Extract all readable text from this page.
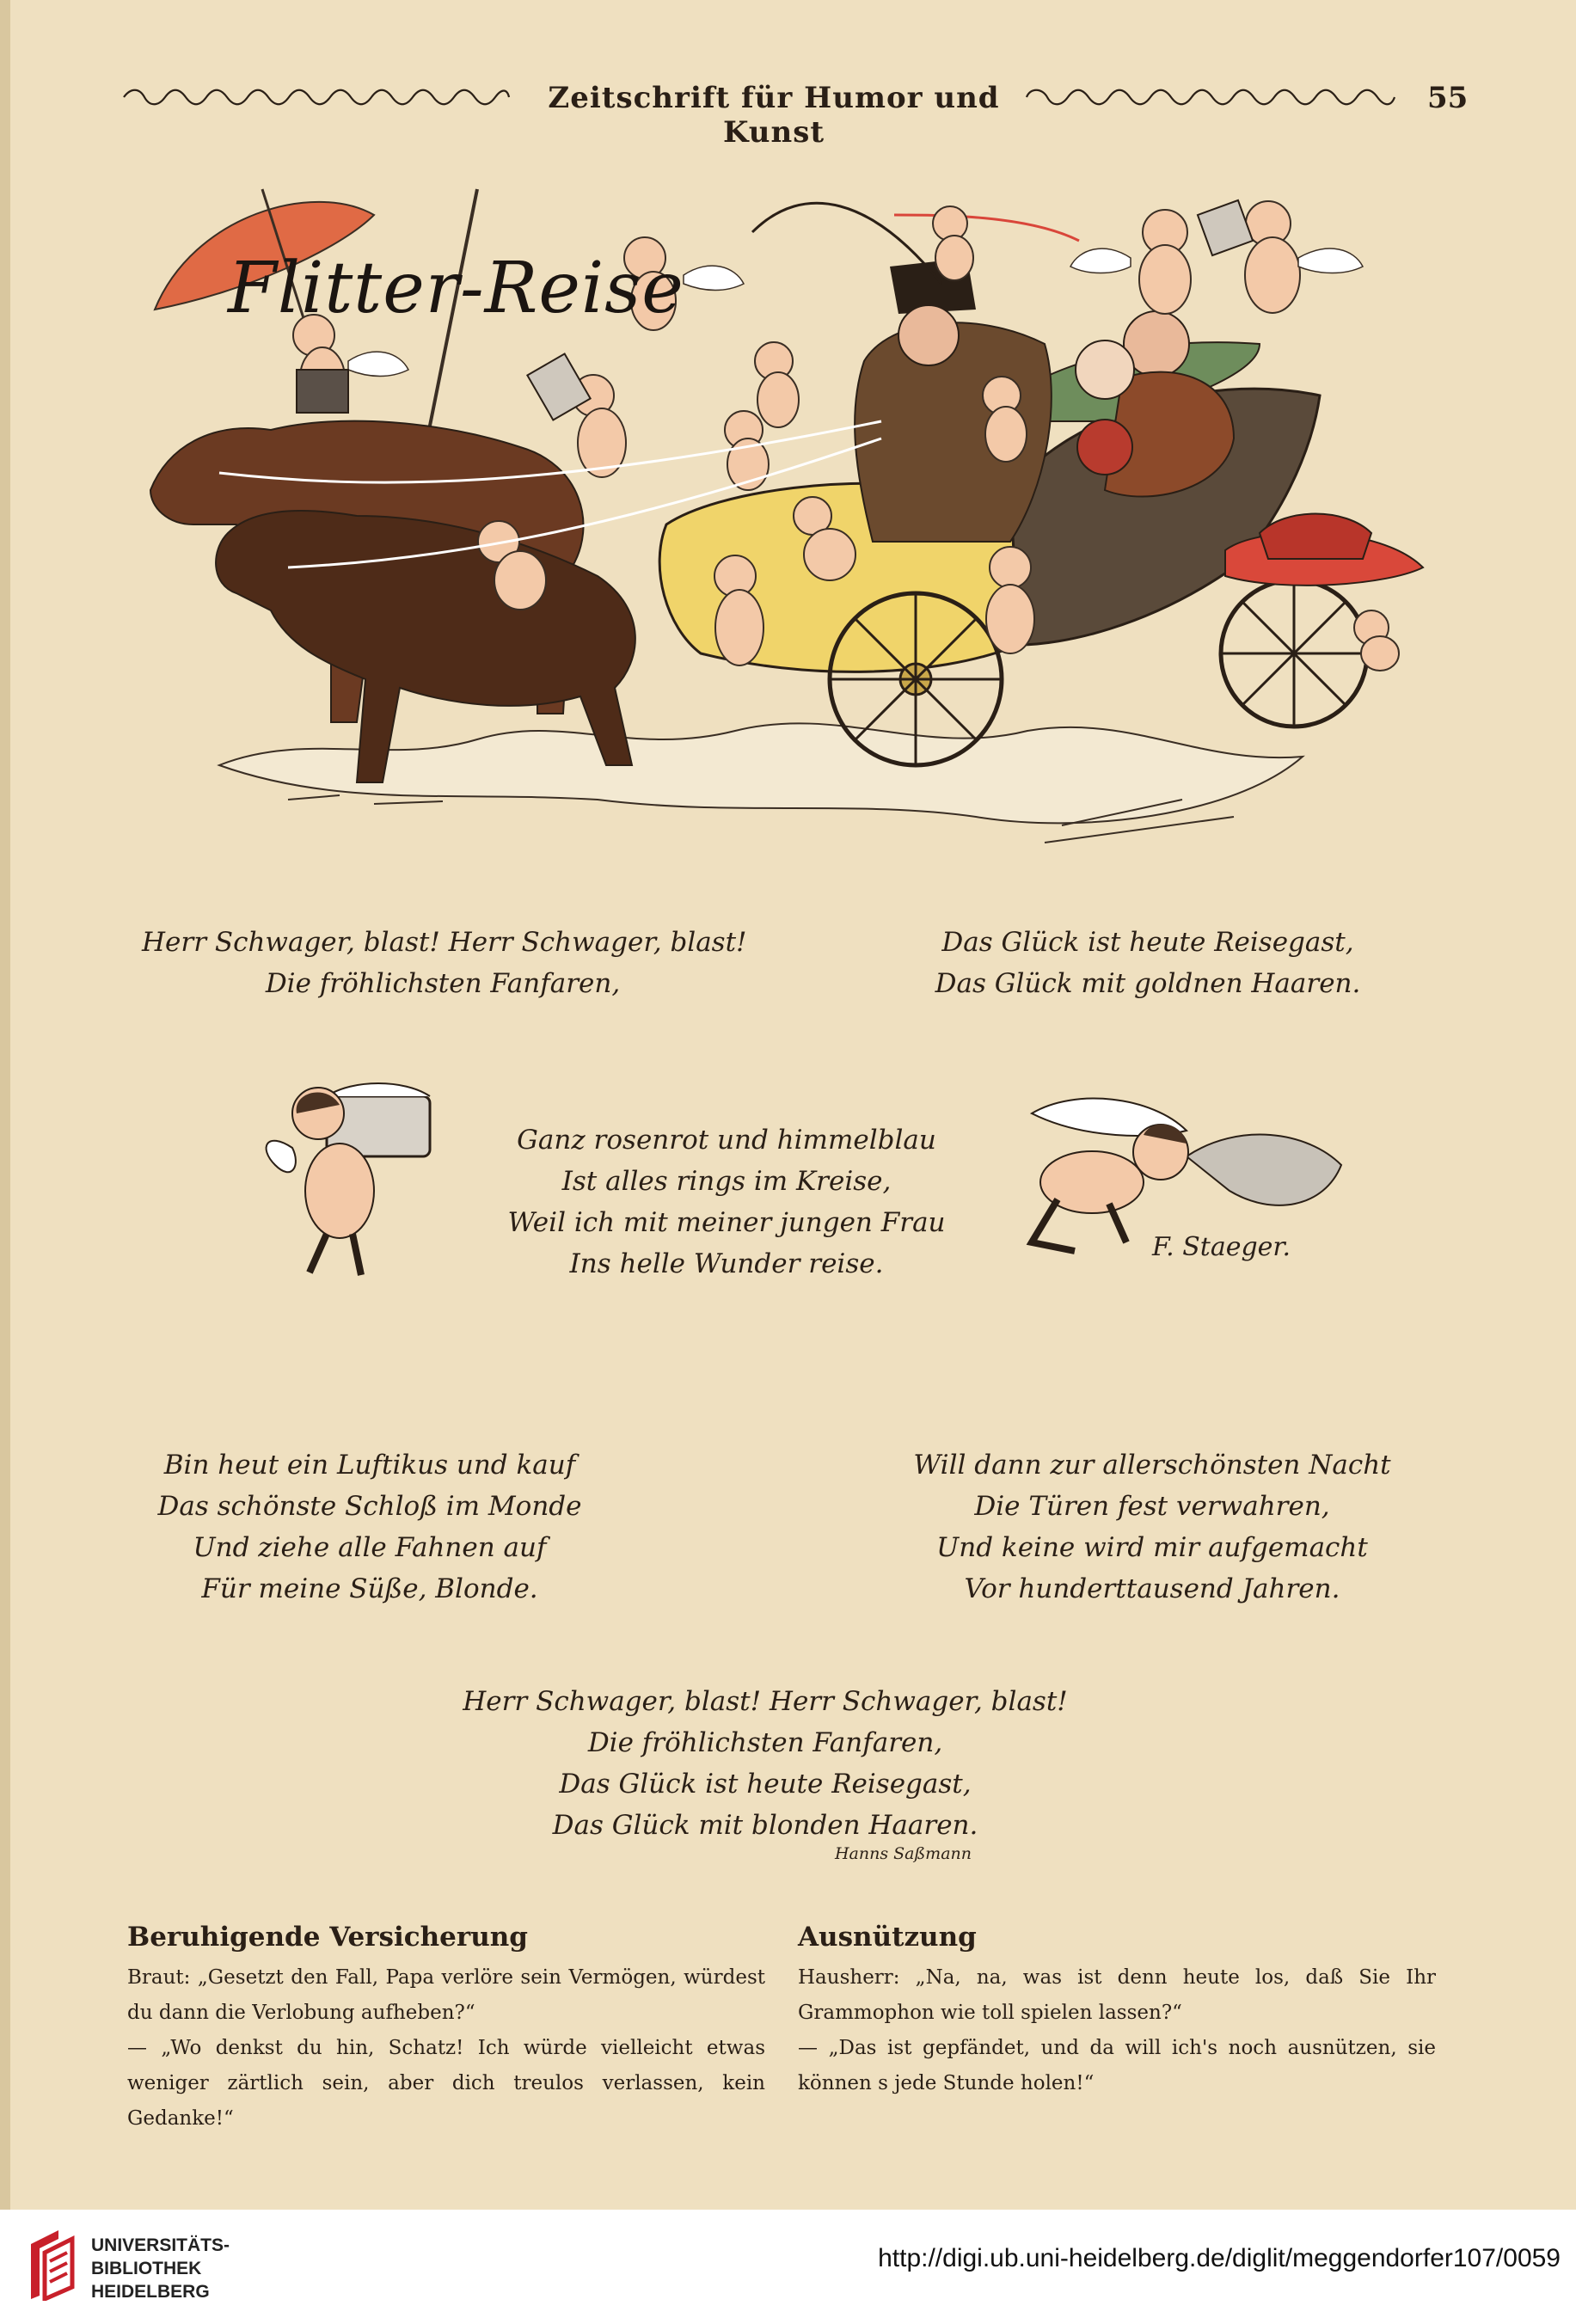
Zeitschrift für Humor und Kunst
55
Flitter-Reise
Herr Schwager, blast! Herr Schwager, blast!
Die fröhlichsten Fanfaren,
Das Glück ist heute Reisegast,
Das Glück mit goldnen Haaren.
Ganz rosenrot und himmelblau
Ist alles rings im Kreise,
Weil ich mit meiner jungen Frau
Ins helle Wunder reise.
F. Staeger.
Bin heut ein Luftikus und kauf
Das schönste Schloß im Monde
Und ziehe alle Fahnen auf
Für meine Süße, Blonde.
Will dann zur allerschönsten Nacht
Die Türen fest verwahren,
Und keine wird mir aufgemacht
Vor hunderttausend Jahren.
Herr Schwager, blast! Herr Schwager, blast!
Die fröhlichsten Fanfaren,
Das Glück ist heute Reisegast,
Das Glück mit blonden Haaren.
Hanns Saßmann
Beruhigende Versicherung

Braut: „Gesetzt den Fall, Papa verlöre sein Vermögen, würdest du dann die Verlobung aufheben?“

— „Wo denkst du hin, Schatz! Ich würde vielleicht etwas weniger zärtlich sein, aber dich treulos verlassen, kein Gedanke!“

Ausnützung

Hausherr: „Na, na, was ist denn heute los, daß Sie Ihr Grammophon wie toll spielen lassen?“

— „Das ist gepfändet, und da will ich's noch ausnützen, sie können s jede Stunde holen!“

UNIVERSITÄTS-
BIBLIOTHEK
HEIDELBERG
http://digi.ub.uni-heidelberg.de/diglit/meggendorfer107/0059
